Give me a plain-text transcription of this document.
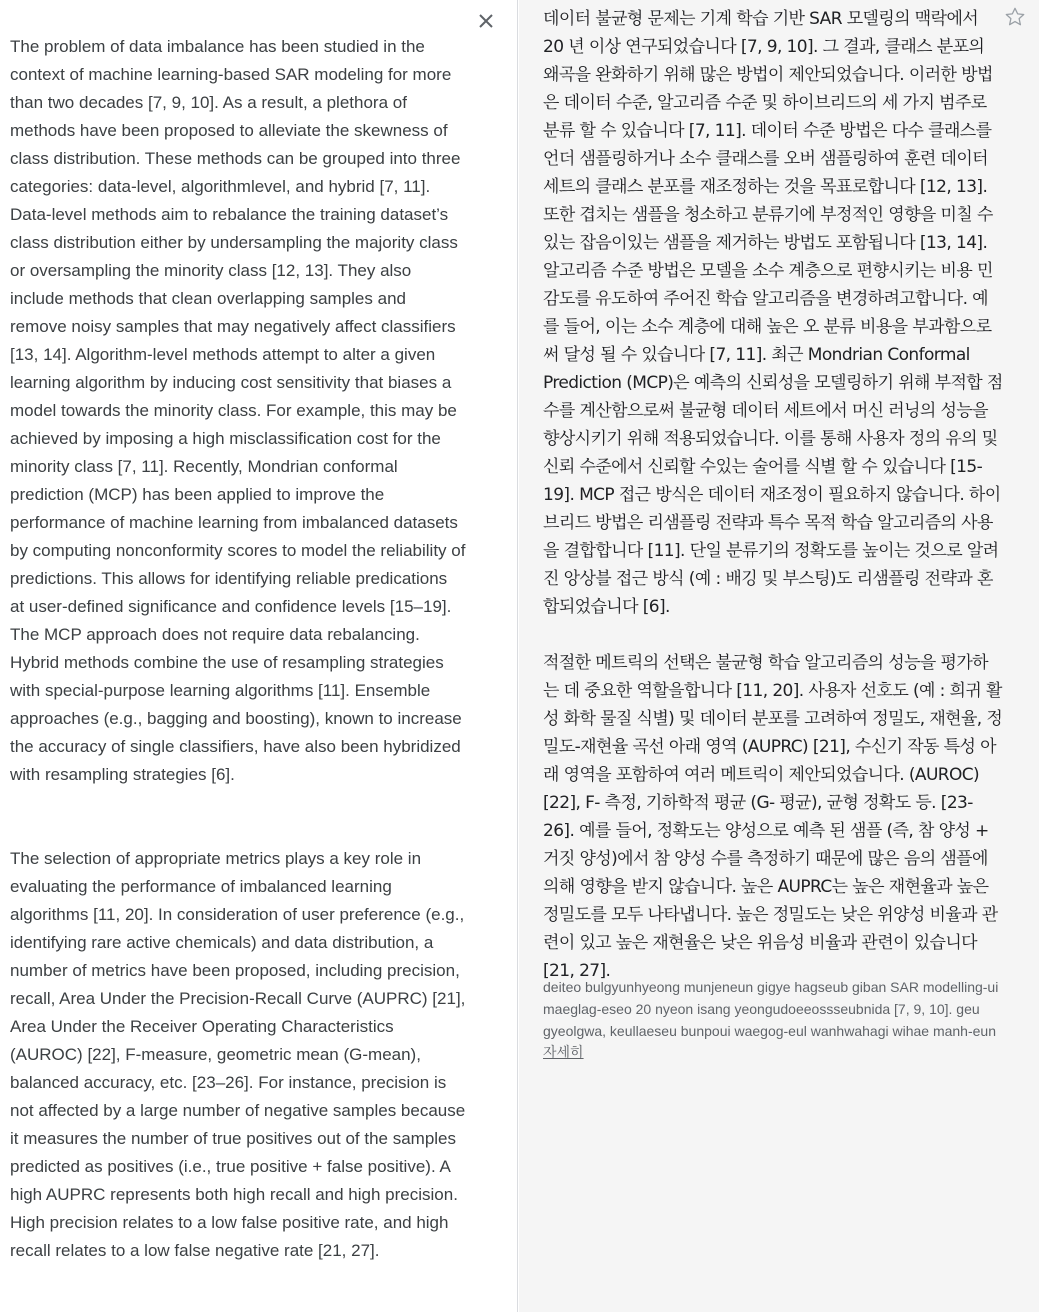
The problem of data imbalance has been studied in the context of machine learning-based SAR modeling for more than two decades [7, 9, 10]. As a result, a plethora of methods have been proposed to alleviate the skewness of class distribution. These methods can be grouped into three categories: data-level, algorithmlevel, and hybrid [7, 11]. Data-level methods aim to rebalance the training dataset’s class distribution either by undersampling the majority class or oversampling the minority class [12, 13]. They also include methods that clean overlapping samples and remove noisy samples that may negatively affect classifiers [13, 14]. Algorithm-level methods attempt to alter a given learning algorithm by inducing cost sensitivity that biases a model towards the minority class. For example, this may be achieved by imposing a high misclassification cost for the minority class [7, 11]. Recently, Mondrian conformal prediction (MCP) has been applied to improve the performance of machine learning from imbalanced datasets by computing nonconformity scores to model the reliability of predictions. This allows for identifying reliable predications at user-defined significance and confidence levels [15–19]. The MCP approach does not require data rebalancing. Hybrid methods combine the use of resampling strategies with special-purpose learning algorithms [11]. Ensemble approaches (e.g., bagging and boosting), known to increase the accuracy of single classifiers, have also been hybridized with resampling strategies [6].

The selection of appropriate metrics plays a key role in evaluating the performance of imbalanced learning algorithms [11, 20]. In consideration of user preference (e.g., identifying rare active chemicals) and data distribution, a number of metrics have been proposed, including precision, recall, Area Under the Precision-Recall Curve (AUPRC) [21], Area Under the Receiver Operating Characteristics (AUROC) [22], F-measure, geometric mean (G-mean), balanced accuracy, etc. [23–26]. For instance, precision is not affected by a large number of negative samples because it measures the number of true positives out of the samples predicted as positives (i.e., true positive + false positive). A high AUPRC represents both high recall and high precision. High precision relates to a low false positive rate, and high recall relates to a low false negative rate [21, 27].

데이터 불균형 문제는 기계 학습 기반 SAR 모델링의 맥락에서 20 년 이상 연구되었습니다 [7, 9, 10]. 그 결과, 클래스 분포의 왜곡을 완화하기 위해 많은 방법이 제안되었습니다. 이러한 방법은 데이터 수준, 알고리즘 수준 및 하이브리드의 세 가지 범주로 분류 할 수 있습니다 [7, 11]. 데이터 수준 방법은 다수 클래스를 언더 샘플링하거나 소수 클래스를 오버 샘플링하여 훈련 데이터 세트의 클래스 분포를 재조정하는 것을 목표로합니다 [12, 13]. 또한 겹치는 샘플을 청소하고 분류기에 부정적인 영향을 미칠 수있는 잡음이있는 샘플을 제거하는 방법도 포함됩니다 [13, 14]. 알고리즘 수준 방법은 모델을 소수 계층으로 편향시키는 비용 민감도를 유도하여 주어진 학습 알고리즘을 변경하려고합니다. 예를 들어, 이는 소수 계층에 대해 높은 오 분류 비용을 부과함으로써 달성 될 수 있습니다 [7, 11]. 최근 Mondrian Conformal Prediction (MCP)은 예측의 신뢰성을 모델링하기 위해 부적합 점수를 계산함으로써 불균형 데이터 세트에서 머신 러닝의 성능을 향상시키기 위해 적용되었습니다. 이를 통해 사용자 정의 유의 및 신뢰 수준에서 신뢰할 수있는 술어를 식별 할 수 있습니다 [15-19]. MCP 접근 방식은 데이터 재조정이 필요하지 않습니다. 하이브리드 방법은 리샘플링 전략과 특수 목적 학습 알고리즘의 사용을 결합합니다 [11]. 단일 분류기의 정확도를 높이는 것으로 알려진 앙상블 접근 방식 (예 : 배깅 및 부스팅)도 리샘플링 전략과 혼합되었습니다 [6].

적절한 메트릭의 선택은 불균형 학습 알고리즘의 성능을 평가하는 데 중요한 역할을합니다 [11, 20]. 사용자 선호도 (예 : 희귀 활성 화학 물질 식별) 및 데이터 분포를 고려하여 정밀도, 재현율, 정밀도-재현율 곡선 아래 영역 (AUPRC) [21], 수신기 작동 특성 아래 영역을 포함하여 여러 메트릭이 제안되었습니다. (AUROC) [22], F- 측정, 기하학적 평균 (G- 평균), 균형 정확도 등. [23-26]. 예를 들어, 정확도는 양성으로 예측 된 샘플 (즉, 참 양성 + 거짓 양성)에서 참 양성 수를 측정하기 때문에 많은 음의 샘플에 의해 영향을 받지 않습니다. 높은 AUPRC는 높은 재현율과 높은 정밀도를 모두 나타냅니다. 높은 정밀도는 낮은 위양성 비율과 관련이 있고 높은 재현율은 낮은 위음성 비율과 관련이 있습니다 [21, 27].

deiteo bulgyunhyeong munjeneun gigye hagseub giban SAR modelling-ui maeglag-eseo 20 nyeon isang yeongudoeeossseubnida [7, 9, 10]. geu gyeolgwa, keullaeseu bunpoui waegog-eul wanhwahagi wihae manh-eun
자세히
